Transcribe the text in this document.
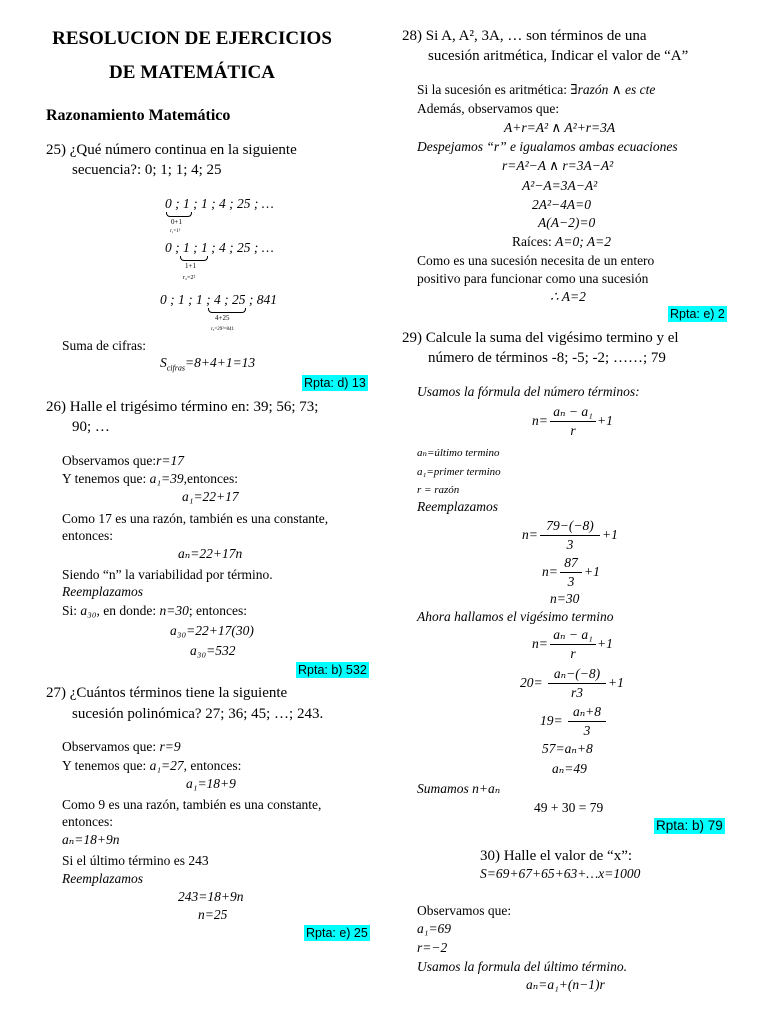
RESOLUCION DE EJERCICIOS
DE MATEMÁTICA
Razonamiento Matemático
25) ¿Qué número continua en la siguiente
secuencia?: 0; 1; 1; 4; 25
0 ; 1 ; 1 ; 4 ; 25 ; …
0+1
r₁=1²
0 ; 1 ; 1 ; 4 ; 25 ; …
1+1
r₂=2²
0 ; 1 ; 1 ; 4 ; 25 ; 841
4+25
r₃=29²=841
Suma de cifras:
$S_{cifras}=8+4+1=13$
Rpta: d) 13
26) Halle el trigésimo término en: 39; 56; 73;
90; …
Observamos que:r=17
Y tenemos que: a₁=39,entonces:
a₁=22+17
Como 17 es una razón, también es una constante,
entonces:
aₙ=22+17n
Siendo “n” la variabilidad por término.
Reemplazamos
Si: a₃₀, en donde: n=30; entonces:
a₃₀=22+17(30)
a₃₀=532
Rpta: b) 532
27) ¿Cuántos términos tiene la siguiente
sucesión polinómica? 27; 36; 45; …; 243.
Observamos que: r=9
Y tenemos que: a₁=27, entonces:
a₁=18+9
Como 9 es una razón, también es una constante,
entonces:
aₙ=18+9n
Si el último término es 243
Reemplazamos
243=18+9n
n=25
Rpta: e) 25
28) Si A, A², 3A, … son términos de una
sucesión aritmética, Indicar el valor de “A”
Si la sucesión es aritmética: ∃razón ∧ es cte
Además, observamos que:
A+r=A² ∧ A²+r=3A
Despejamos “r” e igualamos ambas ecuaciones
r=A²−A ∧ r=3A−A²
A²−A=3A−A²
2A²−4A=0
A(A−2)=0
Raíces: A=0; A=2
Como es una sucesión necesita de un entero
positivo para funcionar como una sucesión
∴ A=2
Rpta: e) 2
29) Calcule la suma del vigésimo termino y el
número de términos -8; -5; -2; ……; 79
Usamos la fórmula del número términos:
n=
aₙ − a₁
r
+1
aₙ=último termino
a₁=primer termino
r = razón
Reemplazamos
n=
79−(−8)
3
+1
n=
87
3
+1
n=30
Ahora hallamos el vigésimo termino
n=
aₙ − a₁
r
+1
20=
aₙ−(−8)
r3
+1
19=
aₙ+8
3
57=aₙ+8
aₙ=49
Sumamos n+aₙ
49 + 30 = 79
Rpta: b) 79
30) Halle el valor de “x”:
S=69+67+65+63+…x=1000
Observamos que:
a₁=69
r=−2
Usamos la formula del último término.
aₙ=a₁+(n−1)r
